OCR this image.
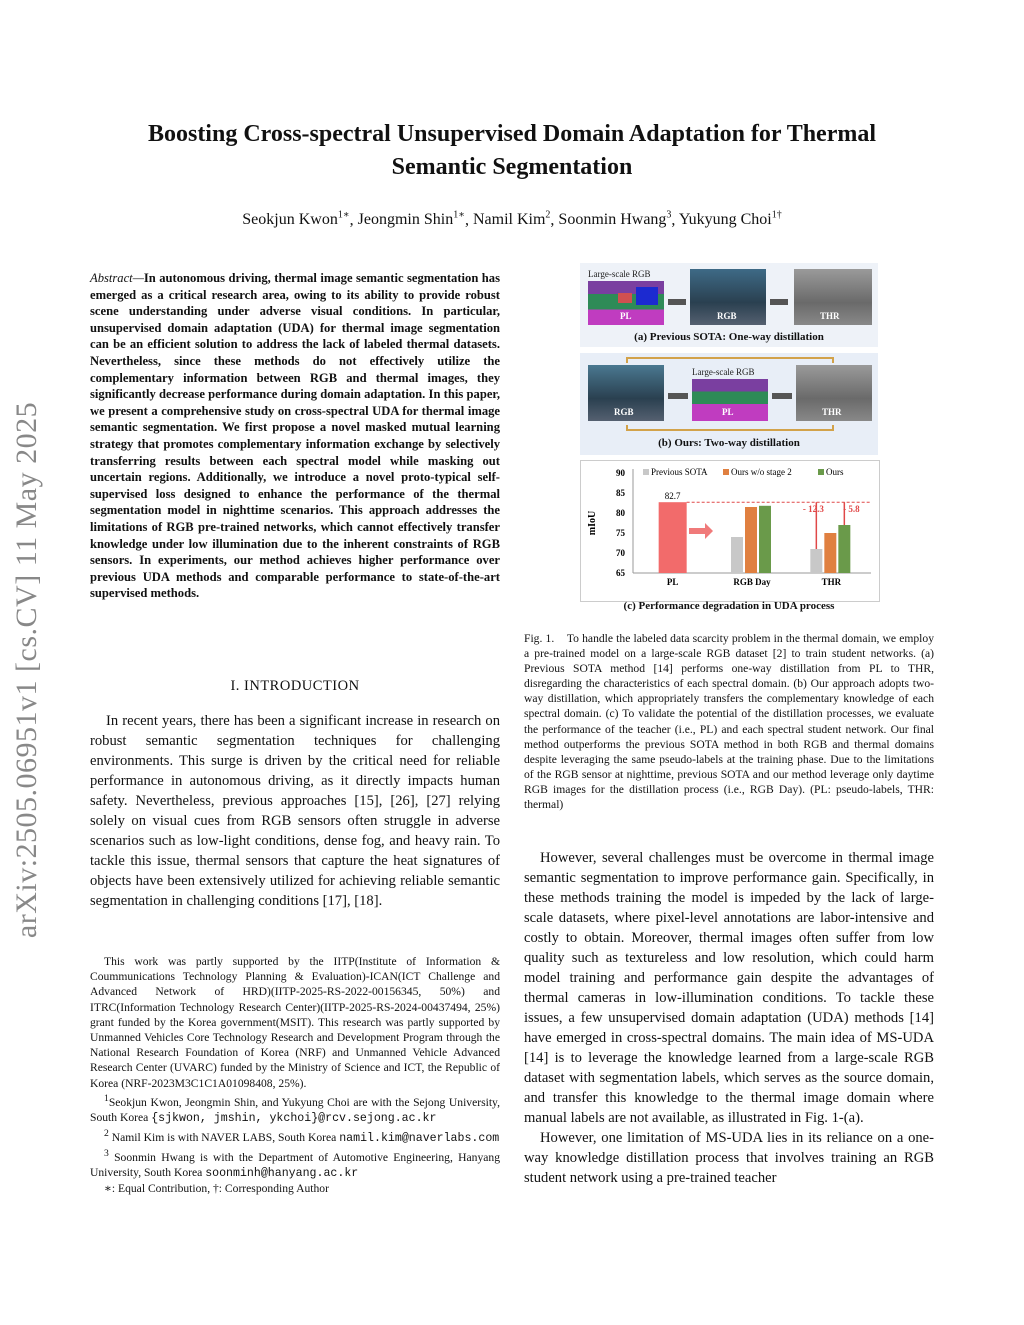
Boosting Cross-spectral Unsupervised Domain Adaptation for Thermal
Semantic Segmentation
Seokjun Kwon$^{1∗}$, Jeongmin Shin$^{1∗}$, Namil Kim$^2$, Soonmin Hwang$^3$, Yukyung Choi$^{1\dagger}$
arXiv:2505.06951v1 [cs.CV] 11 May 2025
Abstract—In autonomous driving, thermal image semantic segmentation has emerged as a critical research area, owing to its ability to provide robust scene understanding under adverse visual conditions. In particular, unsupervised domain adaptation (UDA) for thermal image segmentation can be an efficient solution to address the lack of labeled thermal datasets. Nevertheless, since these methods do not effectively utilize the complementary information between RGB and thermal images, they significantly decrease performance during domain adaptation. In this paper, we present a comprehensive study on cross-spectral UDA for thermal image semantic segmentation. We first propose a novel masked mutual learning strategy that promotes complementary information exchange by selectively transferring results between each spectral model while masking out uncertain regions. Additionally, we introduce a novel proto-typical self-supervised loss designed to enhance the performance of the thermal segmentation model in nighttime scenarios. This approach addresses the limitations of RGB pre-trained networks, which cannot effectively transfer knowledge under low illumination due to the inherent constraints of RGB sensors. In experiments, our method achieves higher performance over previous UDA methods and comparable performance to state-of-the-art supervised methods.
I. INTRODUCTION
In recent years, there has been a significant increase in research on robust semantic segmentation techniques for challenging environments. This surge is driven by the critical need for reliable performance in autonomous driving, as it directly impacts human safety. Nevertheless, previous approaches [15], [26], [27] relying solely on visual cues from RGB sensors often struggle in adverse scenarios such as low-light conditions, dense fog, and heavy rain. To tackle this issue, thermal sensors that capture the heat signatures of objects have been extensively utilized for achieving reliable semantic segmentation in challenging conditions [17], [18].

This work was partly supported by the IITP(Institute of Information & Coummunications Technology Planning & Evaluation)-ICAN(ICT Challenge and Advanced Network of HRD)(IITP-2025-RS-2022-00156345, 50%) and ITRC(Information Technology Research Center)(IITP-2025-RS-2024-00437494, 25%) grant funded by the Korea government(MSIT). This research was partly supported by Unmanned Vehicles Core Technology Research and Development Program through the National Research Foundation of Korea (NRF) and Unmanned Vehicle Advanced Research Center (UVARC) funded by the Ministry of Science and ICT, the Republic of Korea (NRF-2023M3C1C1A01098408, 25%).

$^1$Seokjun Kwon, Jeongmin Shin, and Yukyung Choi are with the Sejong University, South Korea {sjkwon, jmshin, ykchoi}@rcv.sejong.ac.kr

$^2$ Namil Kim is with NAVER LABS, South Korea namil.kim@naverlabs.com

$^3$ Soonmin Hwang is with the Department of Automotive Engineering, Hanyang University, South Korea soonminh@hanyang.ac.kr

∗: Equal Contribution, †: Corresponding Author

Large-scale RGB
PL	RGB	THR
(a) Previous SOTA: One-way distillation
RGB
Large-scale RGB
PL	THR
(b) Ours: Two-way distillation
65
70
75
80
85
90
mIoU
Previous SOTA	Ours w/o stage 2	Ours
PL
82.7
RGB Day	THR
- 12.3 - 5.8
(c) Performance degradation in UDA process
Fig. 1. To handle the labeled data scarcity problem in the thermal domain, we employ a pre-trained model on a large-scale RGB dataset [2] to train student networks. (a) Previous SOTA method [14] performs one-way distillation from PL to THR, disregarding the characteristics of each spectral domain. (b) Our approach adopts two-way distillation, which appropriately transfers the complementary knowledge of each spectral domain. (c) To validate the potential of the distillation processes, we evaluate the performance of the teacher (i.e., PL) and each spectral student network. Our final method outperforms the previous SOTA method in both RGB and thermal domains despite leveraging the same pseudo-labels at the training phase. Due to the limitations of the RGB sensor at nighttime, previous SOTA and our method leverage only daytime RGB images for the distillation process (i.e., RGB Day). (PL: pseudo-labels, THR: thermal)

However, several challenges must be overcome in thermal image semantic segmentation to improve performance gain. Specifically, in these methods training the model is impeded by the lack of large-scale datasets, where pixel-level annotations are labor-intensive and costly to obtain. Moreover, thermal images often suffer from low quality such as textureless and low resolution, which could harm model training and performance gain despite the advantages of thermal cameras in low-illumination conditions. To tackle these issues, a few unsupervised domain adaptation (UDA) methods [14] have emerged in cross-spectral domains. The main idea of MS-UDA [14] is to leverage the knowledge learned from a large-scale RGB dataset with segmentation labels, which serves as the source domain, and transfer this knowledge to the thermal image domain where manual labels are not available, as illustrated in Fig. 1-(a).

However, one limitation of MS-UDA lies in its reliance on a one-way knowledge distillation process that involves training an RGB student network using a pre-trained teacher
